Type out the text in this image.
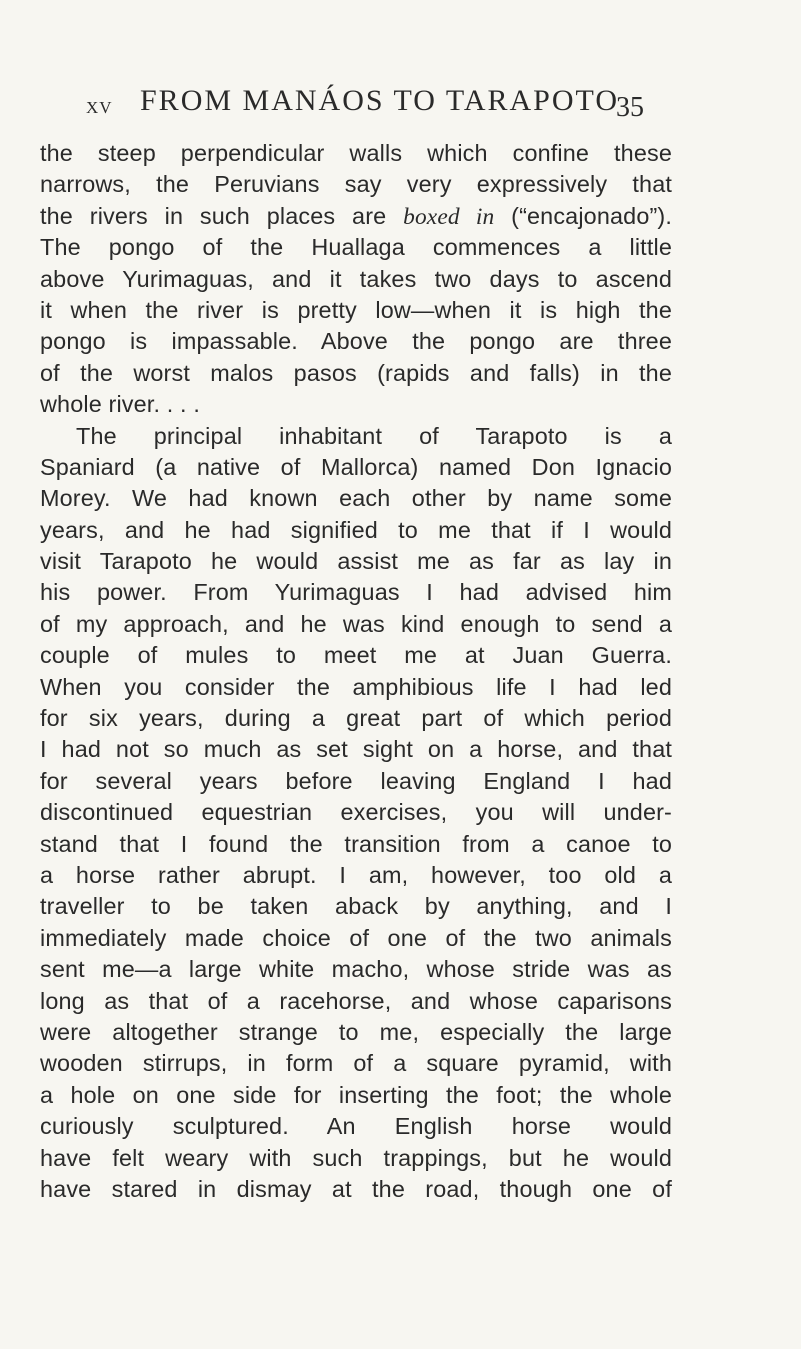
XV FROM MANÁOS TO TARAPOTO
35
the steep perpendicular walls which confine these
narrows, the Peruvians say very expressively that
the rivers in such places are boxed in (“encajonado”).
The pongo of the Huallaga commences a little
above Yurimaguas, and it takes two days to ascend
it when the river is pretty low—when it is high the
pongo is impassable. Above the pongo are three
of the worst malos pasos (rapids and falls) in the
whole river. . . .
The principal inhabitant of Tarapoto is a
Spaniard (a native of Mallorca) named Don Ignacio
Morey. We had known each other by name some
years, and he had signified to me that if I would
visit Tarapoto he would assist me as far as lay in
his power. From Yurimaguas I had advised him
of my approach, and he was kind enough to send a
couple of mules to meet me at Juan Guerra.
When you consider the amphibious life I had led
for six years, during a great part of which period
I had not so much as set sight on a horse, and that
for several years before leaving England I had
discontinued equestrian exercises, you will under-
stand that I found the transition from a canoe to
a horse rather abrupt. I am, however, too old a
traveller to be taken aback by anything, and I
immediately made choice of one of the two animals
sent me—a large white macho, whose stride was as
long as that of a racehorse, and whose caparisons
were altogether strange to me, especially the large
wooden stirrups, in form of a square pyramid, with
a hole on one side for inserting the foot; the whole
curiously sculptured. An English horse would
have felt weary with such trappings, but he would
have stared in dismay at the road, though one of
